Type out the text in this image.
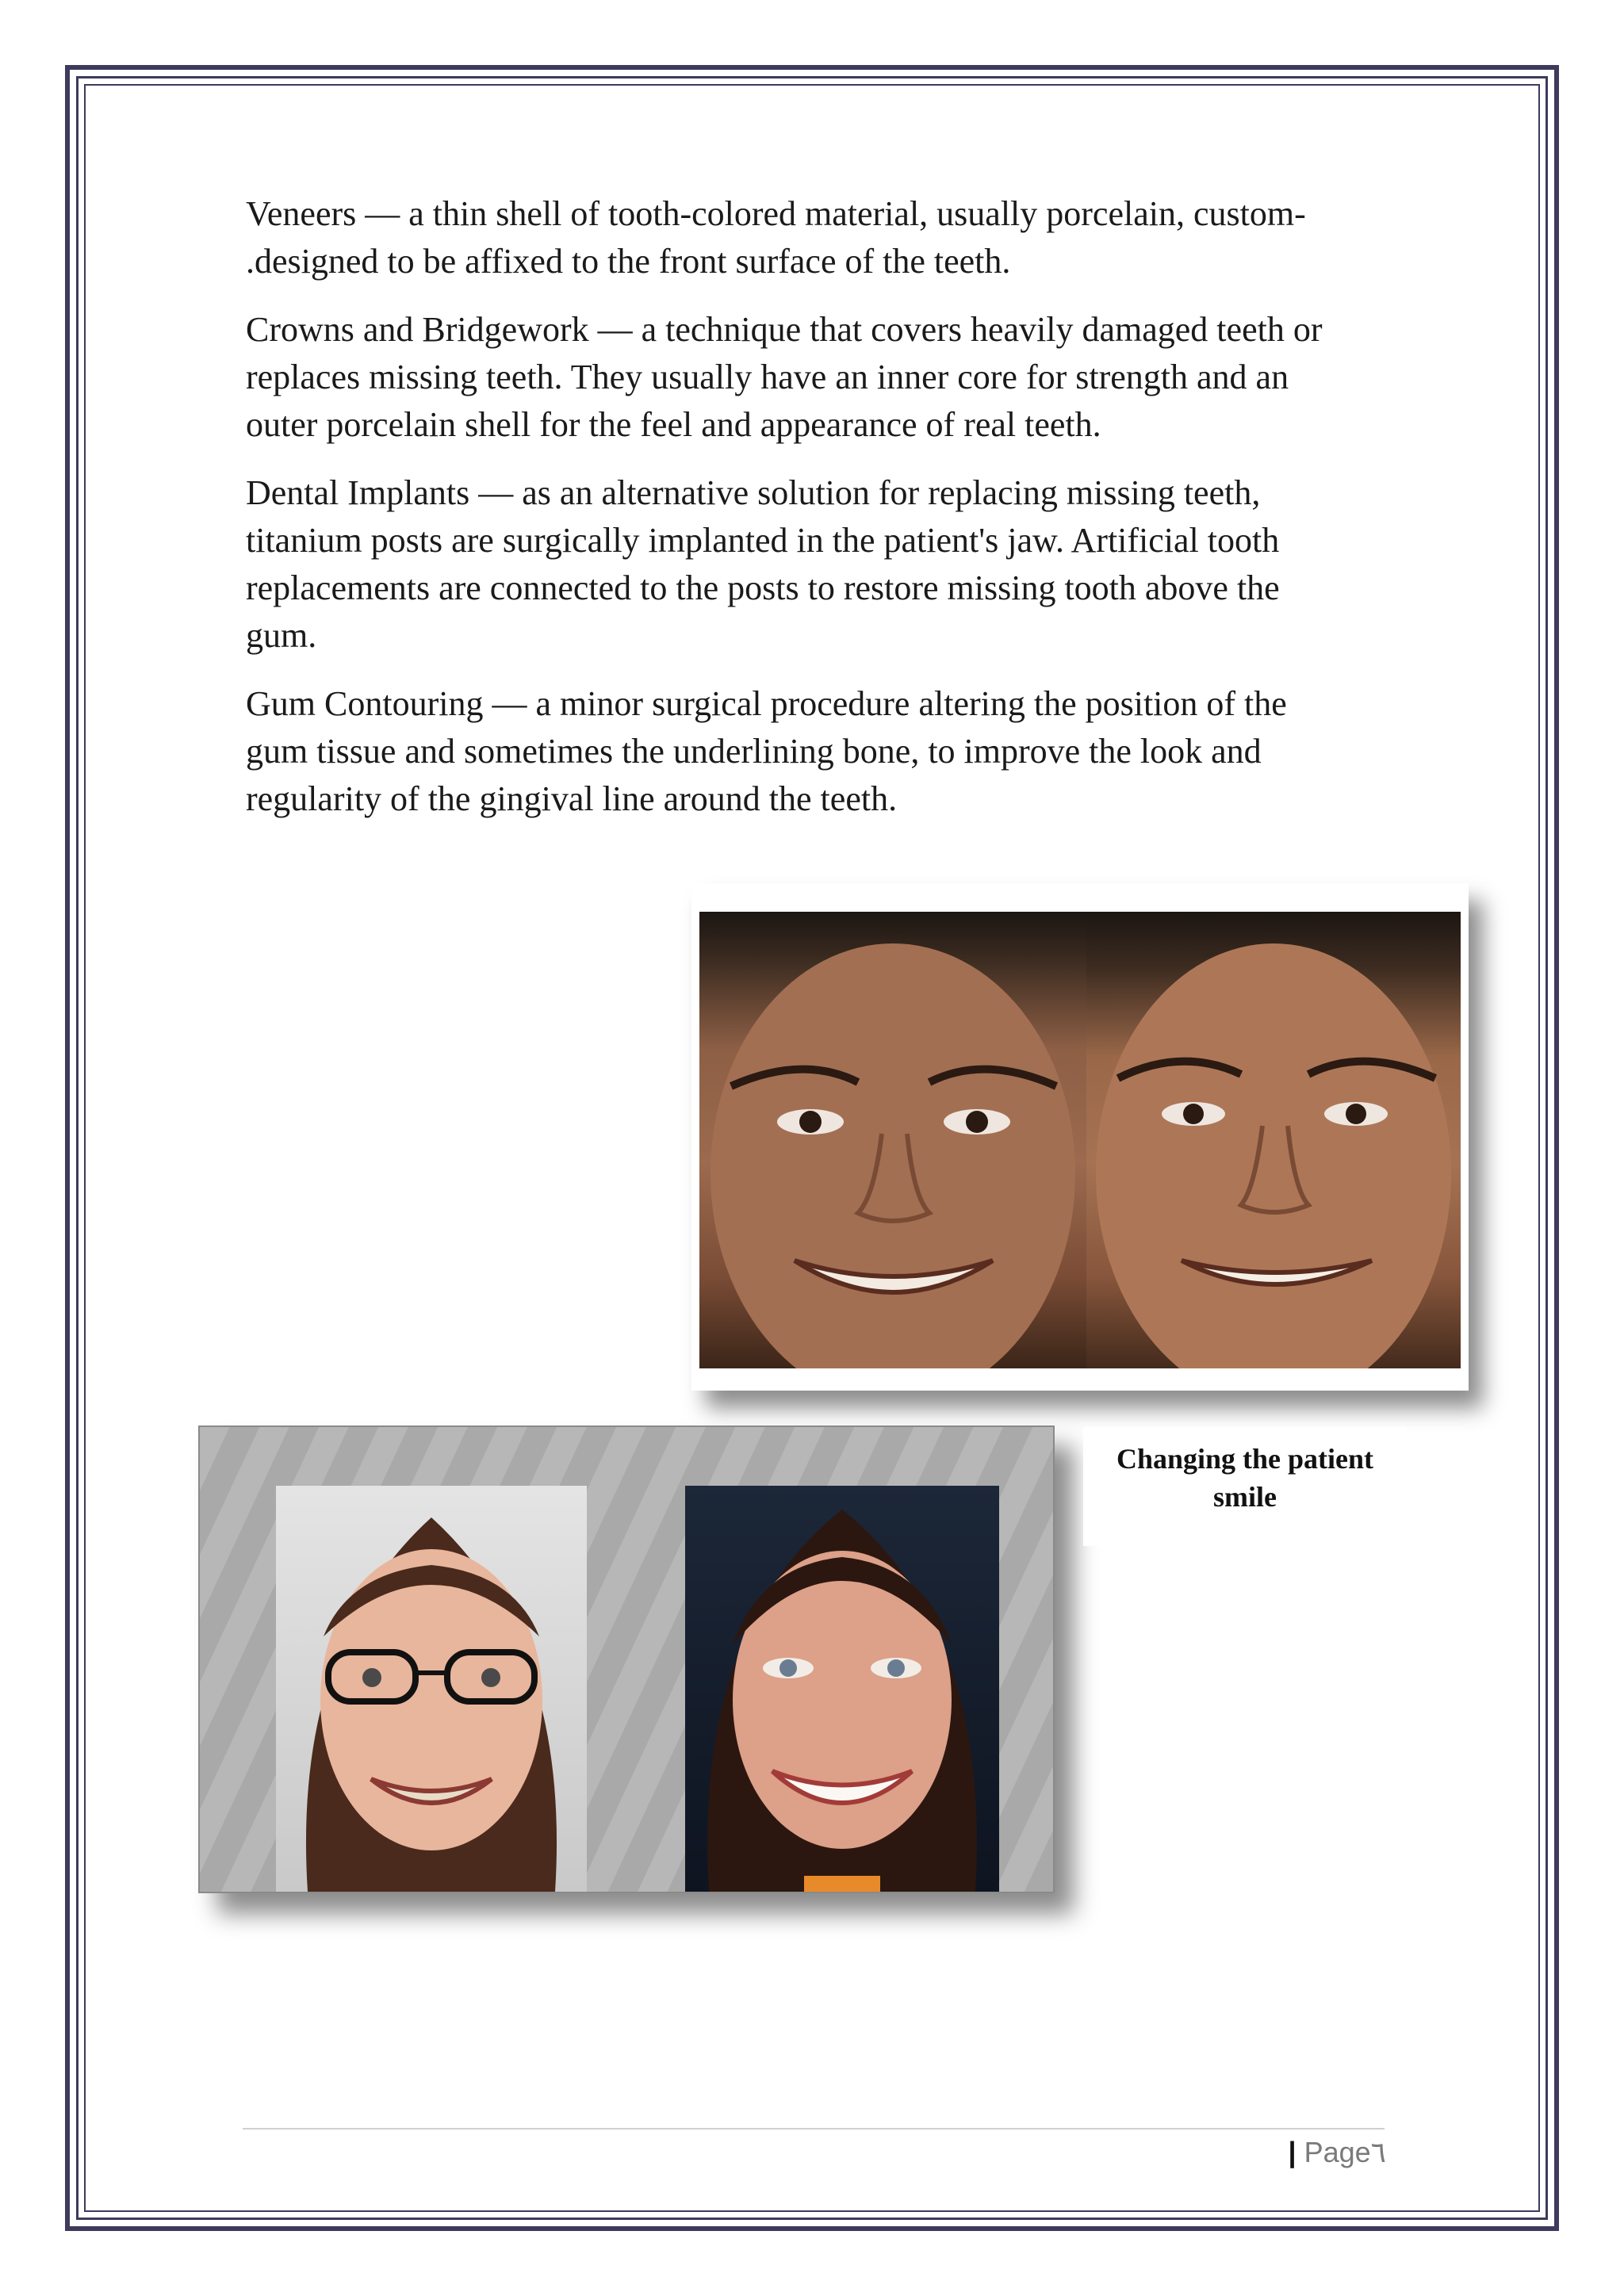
Veneers — a thin shell of tooth-colored material, usually porcelain, custom-
.designed to be affixed to the front surface of the teeth.

Crowns and Bridgework — a technique that covers heavily damaged teeth or
replaces missing teeth. They usually have an inner core for strength and an
outer porcelain shell for the feel and appearance of real teeth.

Dental Implants — as an alternative solution for replacing missing teeth,
titanium posts are surgically implanted in the patient's jaw. Artificial tooth
replacements are connected to the posts to restore missing tooth above the
gum.

Gum Contouring — a minor surgical procedure altering the position of the
gum tissue and sometimes the underlining bone, to improve the look and
regularity of the gingival line around the teeth.

Changing the patient
smile
| Page٦
